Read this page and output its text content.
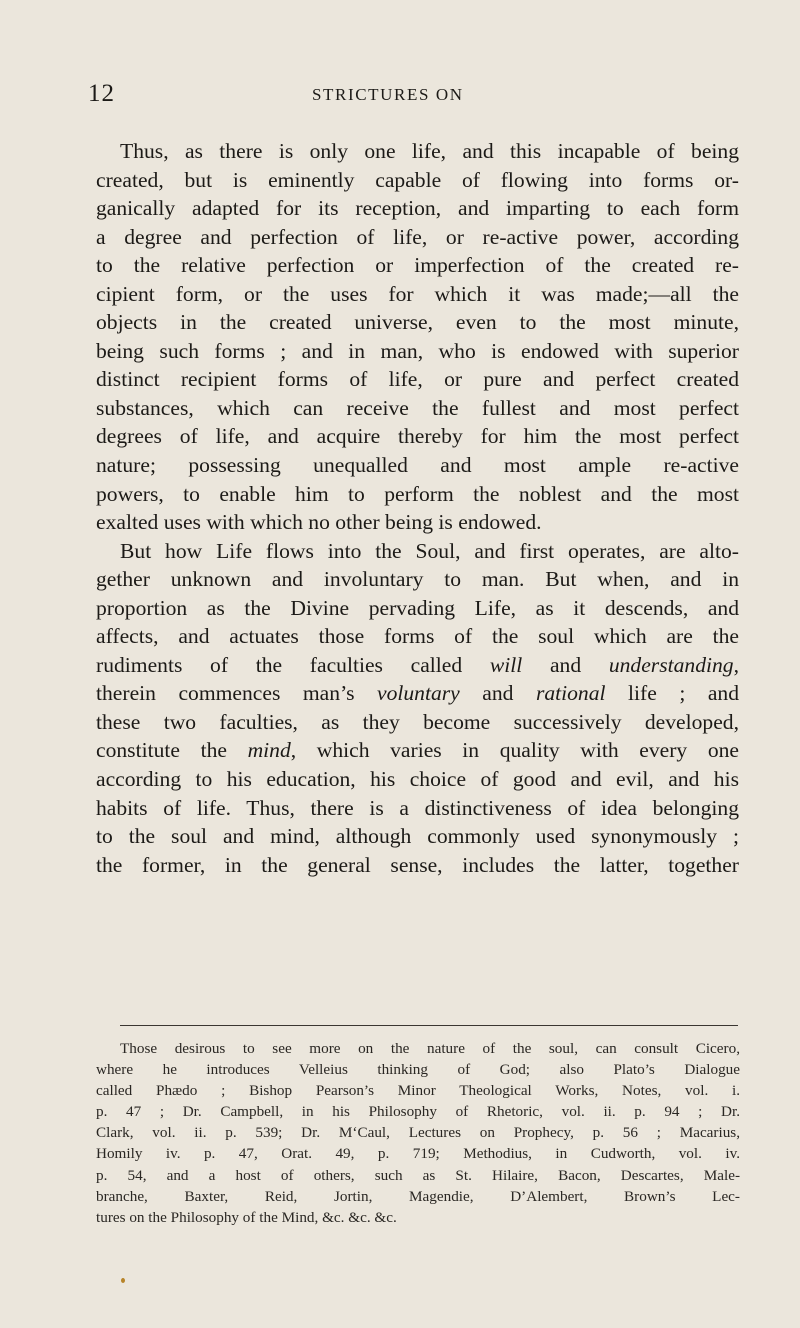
12	STRICTURES ON
Thus, as there is only one life, and this incapable of being
created, but is eminently capable of flowing into forms or-
ganically adapted for its reception, and imparting to each form
a degree and perfection of life, or re-active power, according
to the relative perfection or imperfection of the created re-
cipient form, or the uses for which it was made;—all the
objects in the created universe, even to the most minute,
being such forms ; and in man, who is endowed with superior
distinct recipient forms of life, or pure and perfect created
substances, which can receive the fullest and most perfect
degrees of life, and acquire thereby for him the most perfect
nature; possessing unequalled and most ample re-active
powers, to enable him to perform the noblest and the most
exalted uses with which no other being is endowed.
But how Life flows into the Soul, and first operates, are alto-
gether unknown and involuntary to man. But when, and in
proportion as the Divine pervading Life, as it descends, and
affects, and actuates those forms of the soul which are the
rudiments of the faculties called will and understanding,
therein commences man’s voluntary and rational life ; and
these two faculties, as they become successively developed,
constitute the mind, which varies in quality with every one
according to his education, his choice of good and evil, and his
habits of life. Thus, there is a distinctiveness of idea belonging
to the soul and mind, although commonly used synonymously ;
the former, in the general sense, includes the latter, together
Those desirous to see more on the nature of the soul, can consult Cicero,
where he introduces Velleius thinking of God; also Plato’s Dialogue
called Phædo ; Bishop Pearson’s Minor Theological Works, Notes, vol. i.
p. 47 ; Dr. Campbell, in his Philosophy of Rhetoric, vol. ii. p. 94 ; Dr.
Clark, vol. ii. p. 539; Dr. M‘Caul, Lectures on Prophecy, p. 56 ; Macarius,
Homily iv. p. 47, Orat. 49, p. 719; Methodius, in Cudworth, vol. iv.
p. 54, and a host of others, such as St. Hilaire, Bacon, Descartes, Male-
branche, Baxter, Reid, Jortin, Magendie, D’Alembert, Brown’s Lec-
tures on the Philosophy of the Mind, &c. &c. &c.
